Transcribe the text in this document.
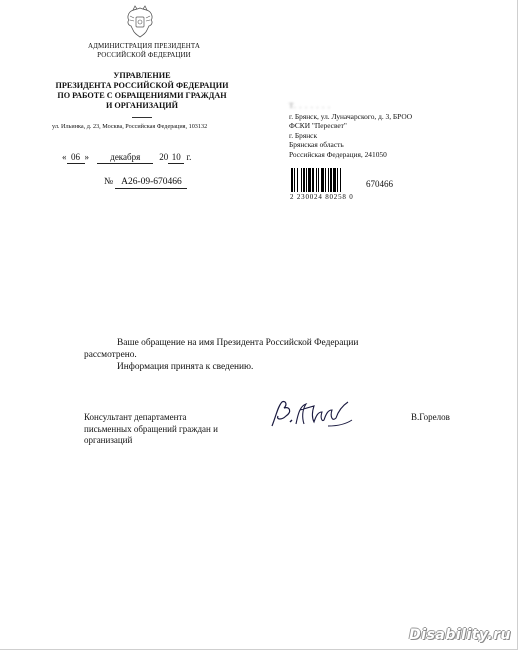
АДМИНИСТРАЦИЯ ПРЕЗИДЕНТА
РОССИЙСКОЙ ФЕДЕРАЦИИ
УПРАВЛЕНИЕ
ПРЕЗИДЕНТА РОССИЙСКОЙ ФЕДЕРАЦИИ
ПО РАБОТЕ С ОБРАЩЕНИЯМИ ГРАЖДАН
И ОРГАНИЗАЦИЙ
ул. Ильинка, д. 23, Москва, Российская Федерация, 103132
« 06 » декабря 20 10 г.
№ А26-09-670466
Т. . . . . . .
г. Брянск, ул. Луначарского, д. 3, БРОО
ФСКИ "Пересвет"
г. Брянск
Брянская область
Российская Федерация, 241050
670466
2 230024 80258 0
Ваше обращение на имя Президента Российской Федерации
рассмотрено.
Информация принята к сведению.
Консультант департамента
письменных обращений граждан и
организаций
В.Горелов
Disability.ru
